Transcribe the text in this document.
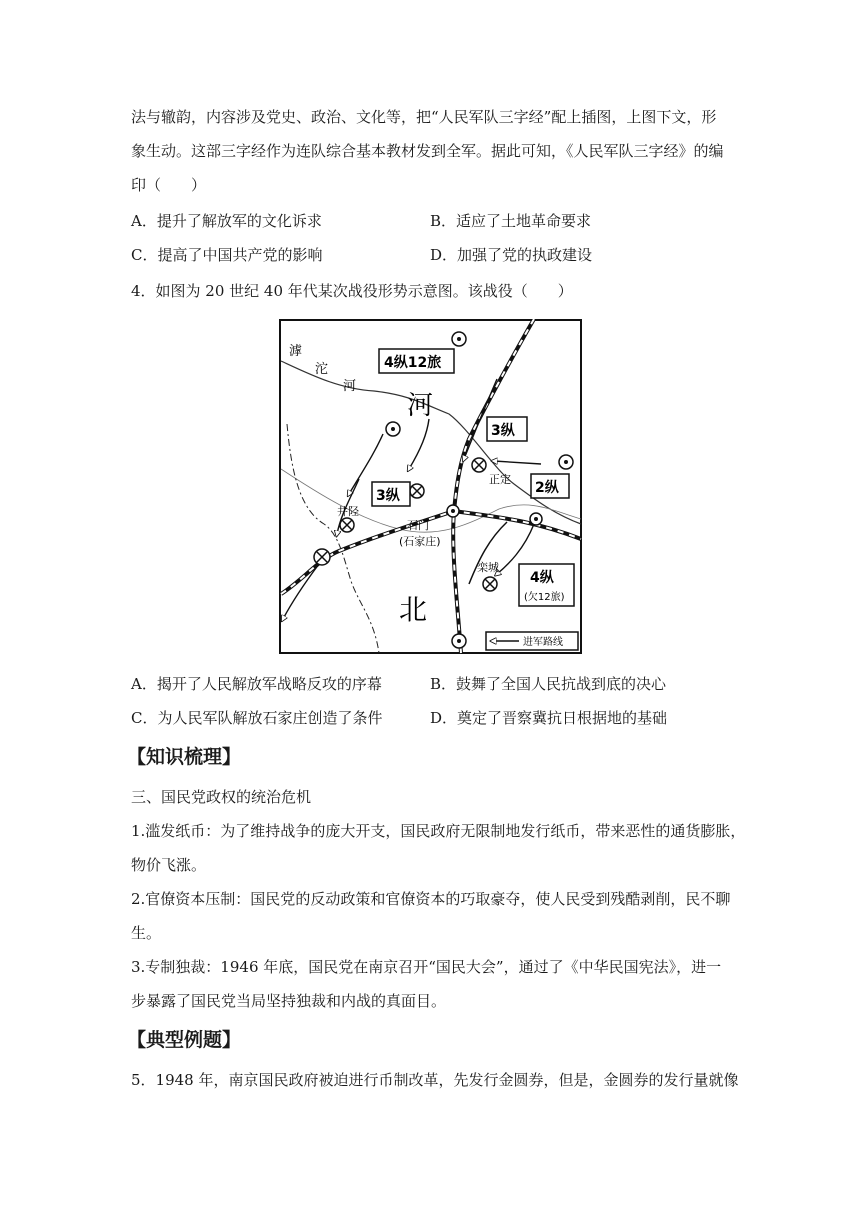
法与辙韵，内容涉及党史、政治、文化等，把“人民军队三字经”配上插图，上图下文，形
象生动。这部三字经作为连队综合基本教材发到全军。据此可知，《人民军队三字经》的编
印（　　）
A．提升了解放军的文化诉求	B．适应了土地革命要求
C．提高了中国共产党的影响	D．加强了党的执政建设
4．如图为 20 世纪 40 年代某次战役形势示意图。该战役（　　）
滹
沱
河
河
北
4纵12旅
3纵
3纵	2纵
4纵
(欠12旅)
正定
井陉
石门
(石家庄)
栾城
进军路线
A．揭开了人民解放军战略反攻的序幕	B．鼓舞了全国人民抗战到底的决心
C．为人民军队解放石家庄创造了条件	D．奠定了晋察冀抗日根据地的基础
【知识梳理】
三、国民党政权的统治危机
1.滥发纸币：为了维持战争的庞大开支，国民政府无限制地发行纸币，带来恶性的通货膨胀，
物价飞涨。
2.官僚资本压制：国民党的反动政策和官僚资本的巧取豪夺，使人民受到残酷剥削，民不聊
生。
3.专制独裁：1946 年底，国民党在南京召开“国民大会”，通过了《中华民国宪法》，进一
步暴露了国民党当局坚持独裁和内战的真面目。
【典型例题】
5．1948 年，南京国民政府被迫进行币制改革，先发行金圆券，但是，金圆券的发行量就像
